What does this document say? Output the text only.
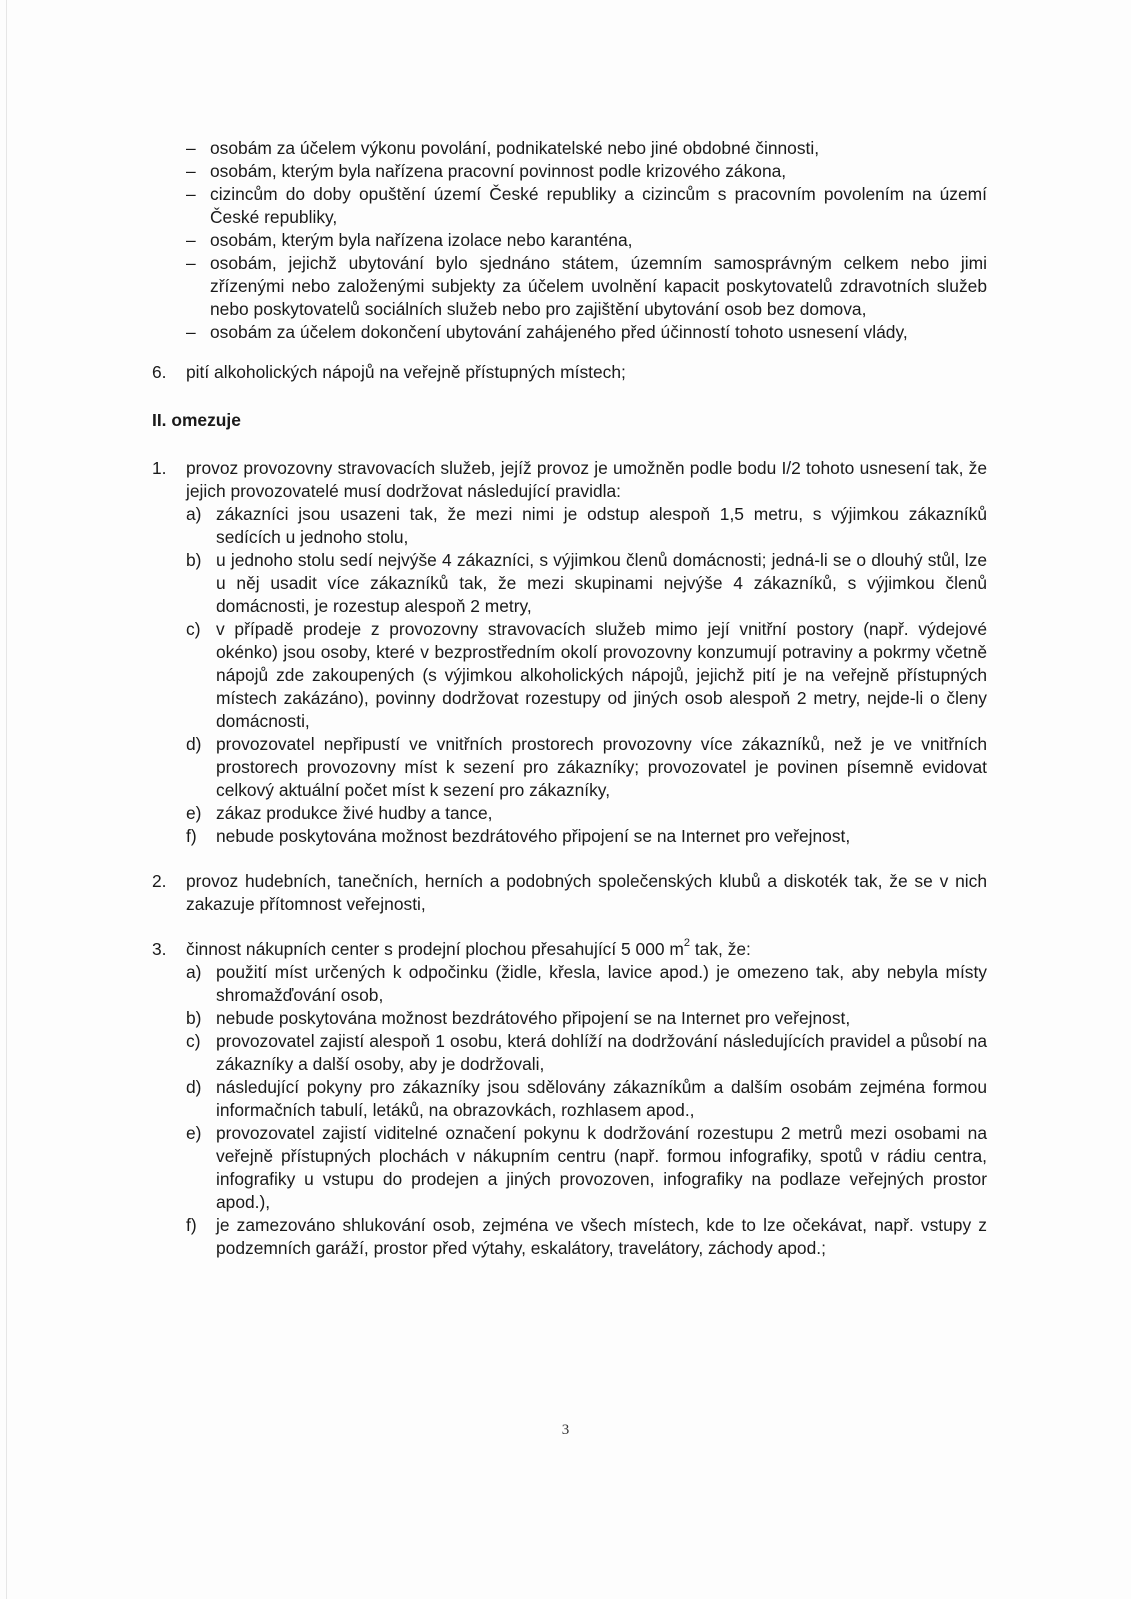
– osobám za účelem výkonu povolání, podnikatelské nebo jiné obdobné činnosti,
– osobám, kterým byla nařízena pracovní povinnost podle krizového zákona,
– cizincům do doby opuštění území České republiky a cizincům s pracovním povolením na území České republiky,
– osobám, kterým byla nařízena izolace nebo karanténa,
– osobám, jejichž ubytování bylo sjednáno státem, územním samosprávným celkem nebo jimi zřízenými nebo založenými subjekty za účelem uvolnění kapacit poskytovatelů zdravotních služeb nebo poskytovatelů sociálních služeb nebo pro zajištění ubytování osob bez domova,
– osobám za účelem dokončení ubytování zahájeného před účinností tohoto usnesení vlády,
6. pití alkoholických nápojů na veřejně přístupných místech;
II. omezuje
1. provoz provozovny stravovacích služeb, jejíž provoz je umožněn podle bodu I/2 tohoto usnesení tak, že jejich provozovatelé musí dodržovat následující pravidla:
a) zákazníci jsou usazeni tak, že mezi nimi je odstup alespoň 1,5 metru, s výjimkou zákazníků sedících u jednoho stolu,
b) u jednoho stolu sedí nejvýše 4 zákazníci, s výjimkou členů domácnosti; jedná-li se o dlouhý stůl, lze u něj usadit více zákazníků tak, že mezi skupinami nejvýše 4 zákazníků, s výjimkou členů domácnosti, je rozestup alespoň 2 metry,
c) v případě prodeje z provozovny stravovacích služeb mimo její vnitřní postory (např. výdejové okénko) jsou osoby, které v bezprostředním okolí provozovny konzumují potraviny a pokrmy včetně nápojů zde zakoupených (s výjimkou alkoholických nápojů, jejichž pití je na veřejně přístupných místech zakázáno), povinny dodržovat rozestupy od jiných osob alespoň 2 metry, nejde-li o členy domácnosti,
d) provozovatel nepřipustí ve vnitřních prostorech provozovny více zákazníků, než je ve vnitřních prostorech provozovny míst k sezení pro zákazníky; provozovatel je povinen písemně evidovat celkový aktuální počet míst k sezení pro zákazníky,
e) zákaz produkce živé hudby a tance,
f) nebude poskytována možnost bezdrátového připojení se na Internet pro veřejnost,
2. provoz hudebních, tanečních, herních a podobných společenských klubů a diskoték tak, že se v nich zakazuje přítomnost veřejnosti,
3. činnost nákupních center s prodejní plochou přesahující 5 000 $m^2$ tak, že:
a) použití míst určených k odpočinku (židle, křesla, lavice apod.) je omezeno tak, aby nebyla místy shromažďování osob,
b) nebude poskytována možnost bezdrátového připojení se na Internet pro veřejnost,
c) provozovatel zajistí alespoň 1 osobu, která dohlíží na dodržování následujících pravidel a působí na zákazníky a další osoby, aby je dodržovali,
d) následující pokyny pro zákazníky jsou sdělovány zákazníkům a dalším osobám zejména formou informačních tabulí, letáků, na obrazovkách, rozhlasem apod.,
e) provozovatel zajistí viditelné označení pokynu k dodržování rozestupu 2 metrů mezi osobami na veřejně přístupných plochách v nákupním centru (např. formou infografiky, spotů v rádiu centra, infografiky u vstupu do prodejen a jiných provozoven, infografiky na podlaze veřejných prostor apod.),
f) je zamezováno shlukování osob, zejména ve všech místech, kde to lze očekávat, např. vstupy z podzemních garáží, prostor před výtahy, eskalátory, travelátory, záchody apod.;
3
